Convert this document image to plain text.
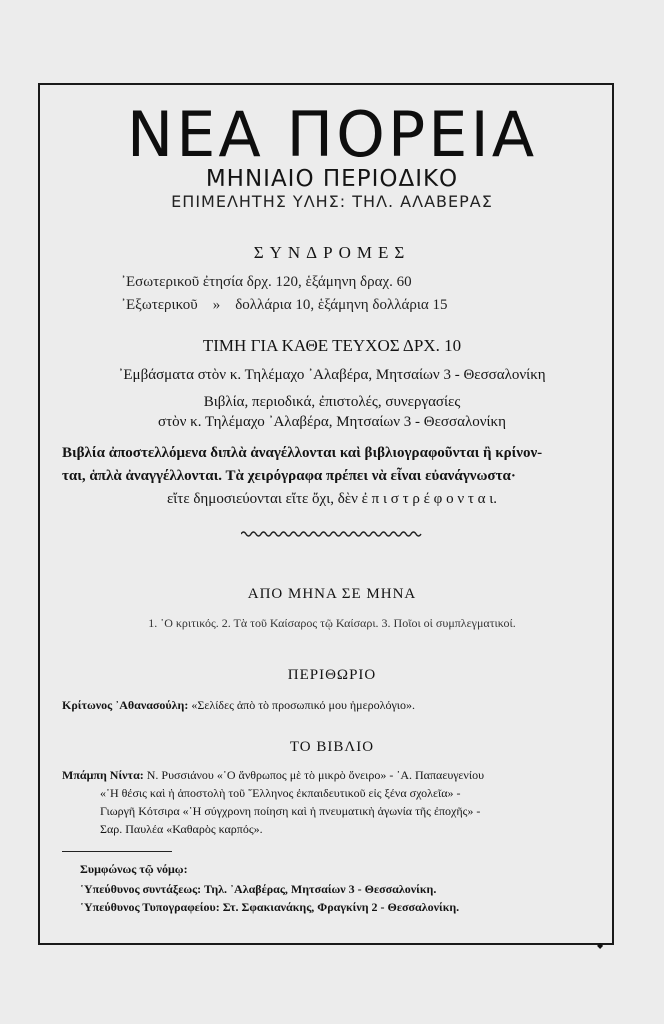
ΝΕΑ ΠΟΡΕΙΑ
ΜΗΝΙΑΙΟ ΠΕΡΙΟΔΙΚΟ
ΕΠΙΜΕΛΗΤΗΣ ΥΛΗΣ: ΤΗΛ. ΑΛΑΒΕΡΑΣ
ΣΥΝΔΡΟΜΕΣ
᾿Εσωτερικοῦ ἐτησία δρχ. 120, ἑξάμηνη δραχ. 60
᾿Εξωτερικοῦ    »    δολλάρια 10, ἑξάμηνη δολλάρια 15
ΤΙΜΗ ΓΙΑ ΚΑΘΕ ΤΕΥΧΟΣ ΔΡΧ. 10
᾿Εμβάσματα στὸν κ. Τηλέμαχο ᾿Αλαβέρα, Μητσαίων 3 - Θεσσαλονίκη
Βιβλία, περιοδικά, ἐπιστολές, συνεργασίες
στὸν κ. Τηλέμαχο ᾿Αλαβέρα, Μητσαίων 3 - Θεσσαλονίκη
Βιβλία ἀποστελλόμενα διπλὰ ἀναγέλλονται καὶ βιβλιογραφοῦνται ἢ κρίνον-
ται, ἁπλὰ ἀναγγέλλονται. Τὰ χειρόγραφα πρέπει νὰ εἶναι εὐανάγνωστα·
εἴτε δημοσιεύονται εἴτε ὄχι, δὲν ἐ π ι σ τ ρ έ φ ο ν τ α ι.
ΑΠΟ ΜΗΝΑ ΣΕ ΜΗΝΑ
1. ῾Ο κριτικός. 2. Τὰ τοῦ Καίσαρος τῷ Καίσαρι. 3. Ποῖοι οἱ συμπλεγματικοί.
ΠΕΡΙΘΩΡΙΟ
Κρίτωνος ᾿Αθανασούλη: «Σελίδες ἀπὸ τὸ προσωπικό μου ἡμερολόγιο».
ΤΟ ΒΙΒΛΙΟ
Μπάμπη Νίντα: Ν. Ρυσσιάνου «῾Ο ἄνθρωπος μὲ τὸ μικρὸ ὄνειρο» - ᾿Α. Παπαευγενίου
«῾Η θέσις καὶ ἡ ἀποστολὴ τοῦ ῞Ελληνος ἐκπαιδευτικοῦ εἰς ξένα σχολεῖα» -
Γιωργῆ Κότσιρα «῾Η σύγχρονη ποίηση καὶ ἡ πνευματικὴ ἀγωνία τῆς ἐποχῆς» -
Σαρ. Παυλέα «Καθαρὸς καρπός».
Συμφώνως τῷ νόμῳ:
῾Υπεύθυνος συντάξεως: Τηλ. ᾿Αλαβέρας, Μητσαίων 3 - Θεσσαλονίκη.
῾Υπεύθυνος Τυπογραφείου: Στ. Σφακιανάκης, Φραγκίνη 2 - Θεσσαλονίκη.
◆
